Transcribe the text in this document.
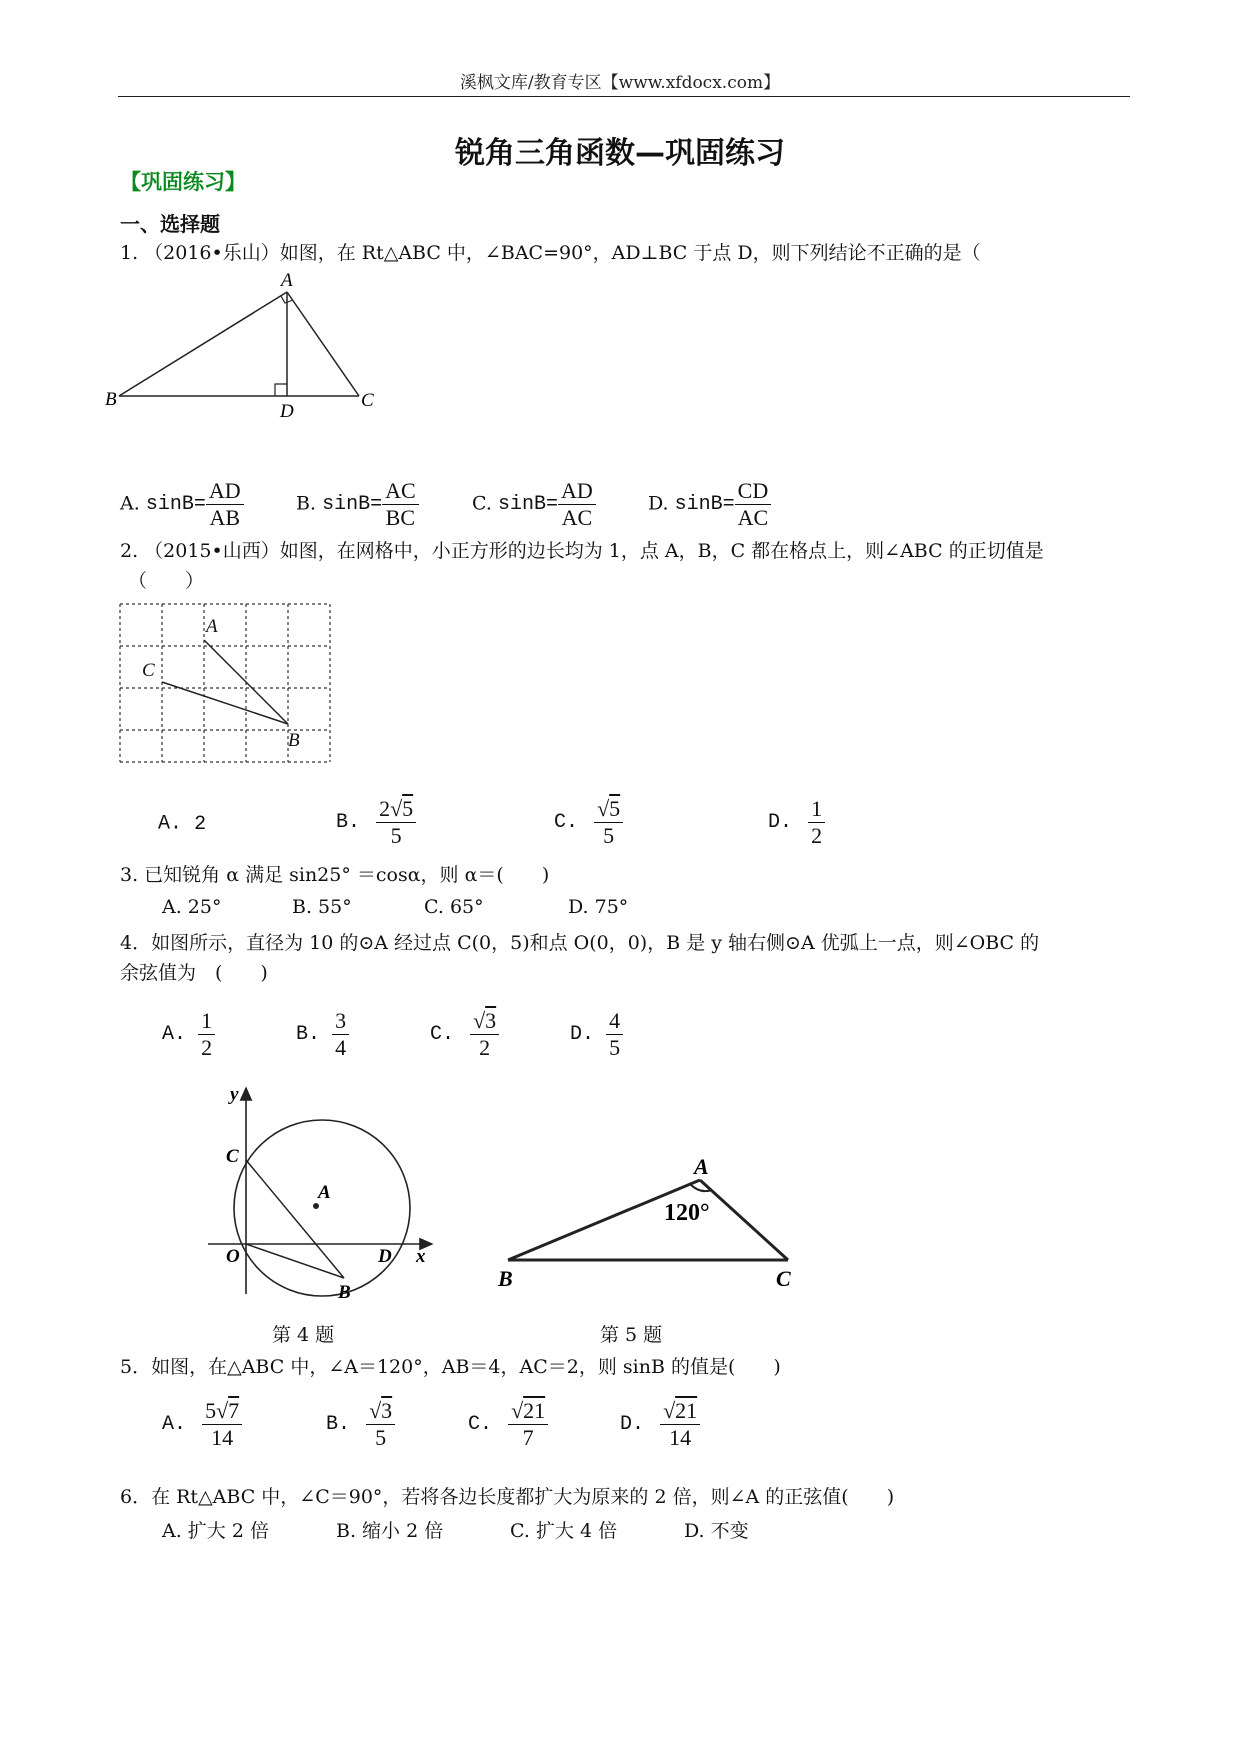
溪枫文库/教育专区【www.xfdocx.com】
锐角三角函数—巩固练习
【巩固练习】
一、选择题
1. （2016•乐山）如图，在 Rt△ABC 中，∠BAC=90°，AD⊥BC 于点 D，则下列结论不正确的是（
A
B	C
D
A. $\sin B= \frac{AD}{AB}$	B. $\sin B= \frac{AC}{BC}$	C. $\sin B= \frac{AD}{AC}$	D. $\sin B= \frac{CD}{AC}$
2. （2015•山西）如图，在网格中，小正方形的边长均为 1，点 A，B，C 都在格点上，则∠ABC 的正切值是
（　　）
A
C
B
A. 2	B. $\frac{2√5}{5}$	C. $\frac{√5}{5}$	D. $\frac{1}{2}$
3. 已知锐角 α 满足 sin25° ＝cosα，则 α＝(　　)
A. 25°	B. 55°	C. 65°	D. 75°
4．如图所示，直径为 10 的⊙A 经过点 C(0，5)和点 O(0，0)，B 是 y 轴右侧⊙A 优弧上一点，则∠OBC 的
余弦值为　(　　)
A. $\frac{1}{2}$	B. $\frac{3}{4}$	C. $\frac{√3}{2}$	D. $\frac{4}{5}$
y
x
C
A
O	D
B
A
B	C
120°
第 4 题	第 5 题
5．如图，在△ABC 中，∠A＝120°，AB＝4，AC＝2，则 sinB 的值是(　　)
A. $\frac{5√7}{14}$	B. $\frac{√3}{5}$	C. $\frac{√21}{7}$	D. $\frac{√21}{14}$
6．在 Rt△ABC 中，∠C＝90°，若将各边长度都扩大为原来的 2 倍，则∠A 的正弦值(　　)
A. 扩大 2 倍	B. 缩小 2 倍	C. 扩大 4 倍	D. 不变
